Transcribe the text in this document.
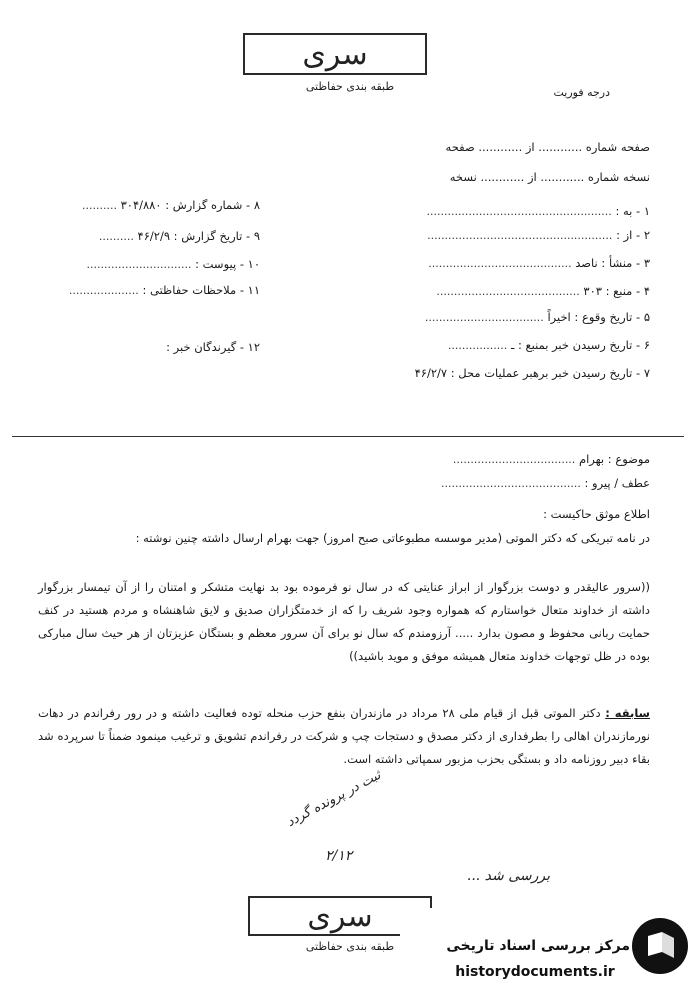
سری
طبقه بندی حفاظتی	درجه فوریت
صفحه شماره ............ از ............ صفحه
نسخه شماره ............ از ............ نسخه
۱ - به : .....................................................
۲ - از : .....................................................
۳ - منشأ : ناصد .........................................
۴ - منبع : ۳۰۳ .........................................
۵ - تاریخ وقوع : اخیراً ..................................
۶ - تاریخ رسیدن خبر بمنبع : ـ .................
۷ - تاریخ رسیدن خبر برهبر عملیات محل : ۴۶/۲/۷
۸ - شماره گزارش : ۳۰۴/۸۸۰ ..........
۹ - تاریخ گزارش : ۴۶/۲/۹ ..........
۱۰ - پیوست : ..............................
۱۱ - ملاحظات حفاظتی : ....................
۱۲ - گیرندگان خبر :
موضوع : بهرام ...................................
عطف / پیرو : ........................................
اطلاع موثق حاکیست :
در نامه تبریکی که دکتر الموتی (مدیر موسسه مطبوعاتی صبح امروز) جهت بهرام ارسال داشته چنین نوشته :
((سرور عالیقدر و دوست بزرگوار از ابراز عنایتی که در سال نو فرموده بود بد نهایت متشکر و امتنان را از آن تیمسار بزرگوار داشته از خداوند متعال خواستارم که همواره وجود شریف را که از خدمتگزاران صدیق و لایق شاهنشاه و مردم هستید در کنف حمایت ربانی محفوظ و مصون بدارد ..... آرزومندم که سال نو برای آن سرور معظم و بستگان عزیزتان از هر حیث سال مبارکی بوده در ظل توجهات خداوند متعال همیشه موفق و موید باشید))
سابقه : دکتر الموتی قبل از قیام ملی ۲۸ مرداد در مازندران بنفع حزب منحله توده فعالیت داشته و در رور رفراندم در دهات نورمازندران اهالی را بطرفداری از دکتر مصدق و دستجات چپ و شرکت در رفراندم تشویق و ترغیب مینمود ضمناً تا سرپرده شد بقاء دبیر روزنامه داد و بستگی بحزب مزبور سمپاتی داشته است.
ثبت در پرونده گردد
۲/۱۲
بررسی شد ...
سری
طبقه بندی حفاظتی	مرکز بررسی اسناد تاریخی
historydocuments.ir
